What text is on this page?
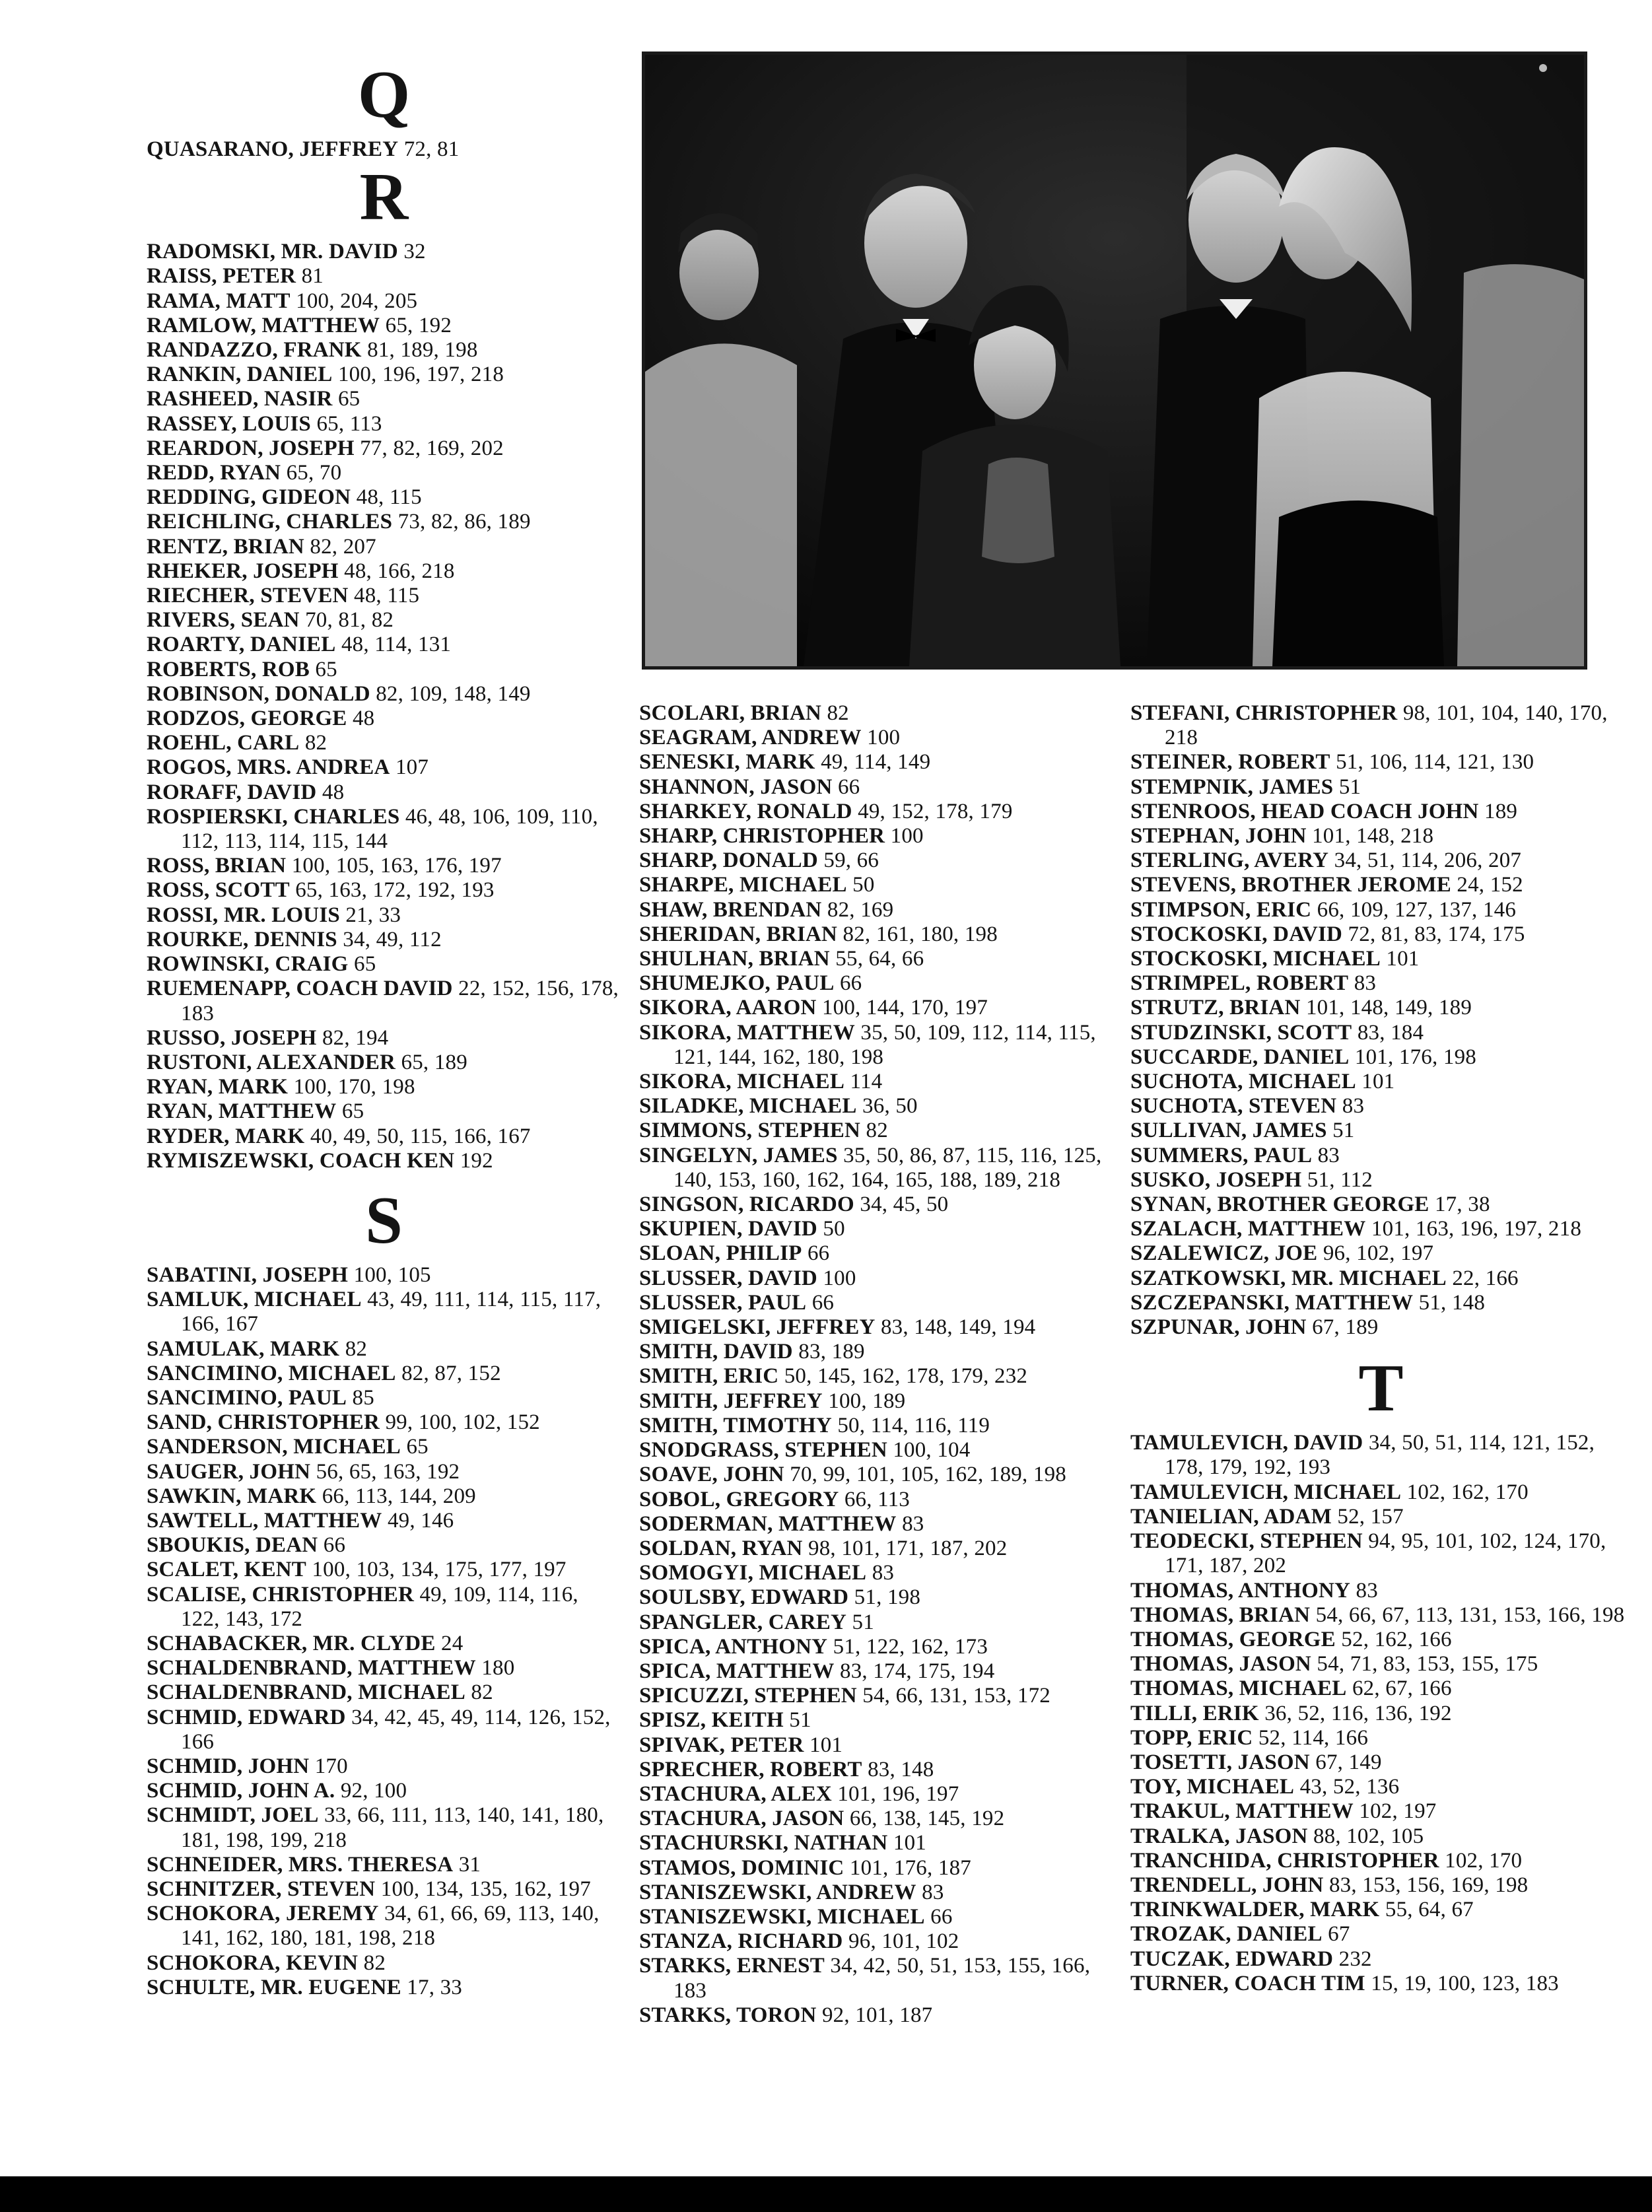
Q
QUASARANO, JEFFREY 72, 81
R
RADOMSKI, MR. DAVID 32
RAISS, PETER 81
RAMA, MATT 100, 204, 205
RAMLOW, MATTHEW 65, 192
RANDAZZO, FRANK 81, 189, 198
RANKIN, DANIEL 100, 196, 197, 218
RASHEED, NASIR 65
RASSEY, LOUIS 65, 113
REARDON, JOSEPH 77, 82, 169, 202
REDD, RYAN 65, 70
REDDING, GIDEON 48, 115
REICHLING, CHARLES 73, 82, 86, 189
RENTZ, BRIAN 82, 207
RHEKER, JOSEPH 48, 166, 218
RIECHER, STEVEN 48, 115
RIVERS, SEAN 70, 81, 82
ROARTY, DANIEL 48, 114, 131
ROBERTS, ROB 65
ROBINSON, DONALD 82, 109, 148, 149
RODZOS, GEORGE 48
ROEHL, CARL 82
ROGOS, MRS. ANDREA 107
RORAFF, DAVID 48
ROSPIERSKI, CHARLES 46, 48, 106, 109, 110, 112, 113, 114, 115, 144
ROSS, BRIAN 100, 105, 163, 176, 197
ROSS, SCOTT 65, 163, 172, 192, 193
ROSSI, MR. LOUIS 21, 33
ROURKE, DENNIS 34, 49, 112
ROWINSKI, CRAIG 65
RUEMENAPP, COACH DAVID 22, 152, 156, 178, 183
RUSSO, JOSEPH 82, 194
RUSTONI, ALEXANDER 65, 189
RYAN, MARK 100, 170, 198
RYAN, MATTHEW 65
RYDER, MARK 40, 49, 50, 115, 166, 167
RYMISZEWSKI, COACH KEN 192
S
SABATINI, JOSEPH 100, 105
SAMLUK, MICHAEL 43, 49, 111, 114, 115, 117, 166, 167
SAMULAK, MARK 82
SANCIMINO, MICHAEL 82, 87, 152
SANCIMINO, PAUL 85
SAND, CHRISTOPHER 99, 100, 102, 152
SANDERSON, MICHAEL 65
SAUGER, JOHN 56, 65, 163, 192
SAWKIN, MARK 66, 113, 144, 209
SAWTELL, MATTHEW 49, 146
SBOUKIS, DEAN 66
SCALET, KENT 100, 103, 134, 175, 177, 197
SCALISE, CHRISTOPHER 49, 109, 114, 116, 122, 143, 172
SCHABACKER, MR. CLYDE 24
SCHALDENBRAND, MATTHEW 180
SCHALDENBRAND, MICHAEL 82
SCHMID, EDWARD 34, 42, 45, 49, 114, 126, 152, 166
SCHMID, JOHN 170
SCHMID, JOHN A. 92, 100
SCHMIDT, JOEL 33, 66, 111, 113, 140, 141, 180, 181, 198, 199, 218
SCHNEIDER, MRS. THERESA 31
SCHNITZER, STEVEN 100, 134, 135, 162, 197
SCHOKORA, JEREMY 34, 61, 66, 69, 113, 140, 141, 162, 180, 181, 198, 218
SCHOKORA, KEVIN 82
SCHULTE, MR. EUGENE 17, 33
SCOLARI, BRIAN 82
SEAGRAM, ANDREW 100
SENESKI, MARK 49, 114, 149
SHANNON, JASON 66
SHARKEY, RONALD 49, 152, 178, 179
SHARP, CHRISTOPHER 100
SHARP, DONALD 59, 66
SHARPE, MICHAEL 50
SHAW, BRENDAN 82, 169
SHERIDAN, BRIAN 82, 161, 180, 198
SHULHAN, BRIAN 55, 64, 66
SHUMEJKO, PAUL 66
SIKORA, AARON 100, 144, 170, 197
SIKORA, MATTHEW 35, 50, 109, 112, 114, 115, 121, 144, 162, 180, 198
SIKORA, MICHAEL 114
SILADKE, MICHAEL 36, 50
SIMMONS, STEPHEN 82
SINGELYN, JAMES 35, 50, 86, 87, 115, 116, 125, 140, 153, 160, 162, 164, 165, 188, 189, 218
SINGSON, RICARDO 34, 45, 50
SKUPIEN, DAVID 50
SLOAN, PHILIP 66
SLUSSER, DAVID 100
SLUSSER, PAUL 66
SMIGELSKI, JEFFREY 83, 148, 149, 194
SMITH, DAVID 83, 189
SMITH, ERIC 50, 145, 162, 178, 179, 232
SMITH, JEFFREY 100, 189
SMITH, TIMOTHY 50, 114, 116, 119
SNODGRASS, STEPHEN 100, 104
SOAVE, JOHN 70, 99, 101, 105, 162, 189, 198
SOBOL, GREGORY 66, 113
SODERMAN, MATTHEW 83
SOLDAN, RYAN 98, 101, 171, 187, 202
SOMOGYI, MICHAEL 83
SOULSBY, EDWARD 51, 198
SPANGLER, CAREY 51
SPICA, ANTHONY 51, 122, 162, 173
SPICA, MATTHEW 83, 174, 175, 194
SPICUZZI, STEPHEN 54, 66, 131, 153, 172
SPISZ, KEITH 51
SPIVAK, PETER 101
SPRECHER, ROBERT 83, 148
STACHURA, ALEX 101, 196, 197
STACHURA, JASON 66, 138, 145, 192
STACHURSKI, NATHAN 101
STAMOS, DOMINIC 101, 176, 187
STANISZEWSKI, ANDREW 83
STANISZEWSKI, MICHAEL 66
STANZA, RICHARD 96, 101, 102
STARKS, ERNEST 34, 42, 50, 51, 153, 155, 166, 183
STARKS, TORON 92, 101, 187
STEFANI, CHRISTOPHER 98, 101, 104, 140, 170, 218
STEINER, ROBERT 51, 106, 114, 121, 130
STEMPNIK, JAMES 51
STENROOS, HEAD COACH JOHN 189
STEPHAN, JOHN 101, 148, 218
STERLING, AVERY 34, 51, 114, 206, 207
STEVENS, BROTHER JEROME 24, 152
STIMPSON, ERIC 66, 109, 127, 137, 146
STOCKOSKI, DAVID 72, 81, 83, 174, 175
STOCKOSKI, MICHAEL 101
STRIMPEL, ROBERT 83
STRUTZ, BRIAN 101, 148, 149, 189
STUDZINSKI, SCOTT 83, 184
SUCCARDE, DANIEL 101, 176, 198
SUCHOTA, MICHAEL 101
SUCHOTA, STEVEN 83
SULLIVAN, JAMES 51
SUMMERS, PAUL 83
SUSKO, JOSEPH 51, 112
SYNAN, BROTHER GEORGE 17, 38
SZALACH, MATTHEW 101, 163, 196, 197, 218
SZALEWICZ, JOE 96, 102, 197
SZATKOWSKI, MR. MICHAEL 22, 166
SZCZEPANSKI, MATTHEW 51, 148
SZPUNAR, JOHN 67, 189
T
TAMULEVICH, DAVID 34, 50, 51, 114, 121, 152, 178, 179, 192, 193
TAMULEVICH, MICHAEL 102, 162, 170
TANIELIAN, ADAM 52, 157
TEODECKI, STEPHEN 94, 95, 101, 102, 124, 170, 171, 187, 202
THOMAS, ANTHONY 83
THOMAS, BRIAN 54, 66, 67, 113, 131, 153, 166, 198
THOMAS, GEORGE 52, 162, 166
THOMAS, JASON 54, 71, 83, 153, 155, 175
THOMAS, MICHAEL 62, 67, 166
TILLI, ERIK 36, 52, 116, 136, 192
TOPP, ERIC 52, 114, 166
TOSETTI, JASON 67, 149
TOY, MICHAEL 43, 52, 136
TRAKUL, MATTHEW 102, 197
TRALKA, JASON 88, 102, 105
TRANCHIDA, CHRISTOPHER 102, 170
TRENDELL, JOHN 83, 153, 156, 169, 198
TRINKWALDER, MARK 55, 64, 67
TROZAK, DANIEL 67
TUCZAK, EDWARD 232
TURNER, COACH TIM 15, 19, 100, 123, 183
